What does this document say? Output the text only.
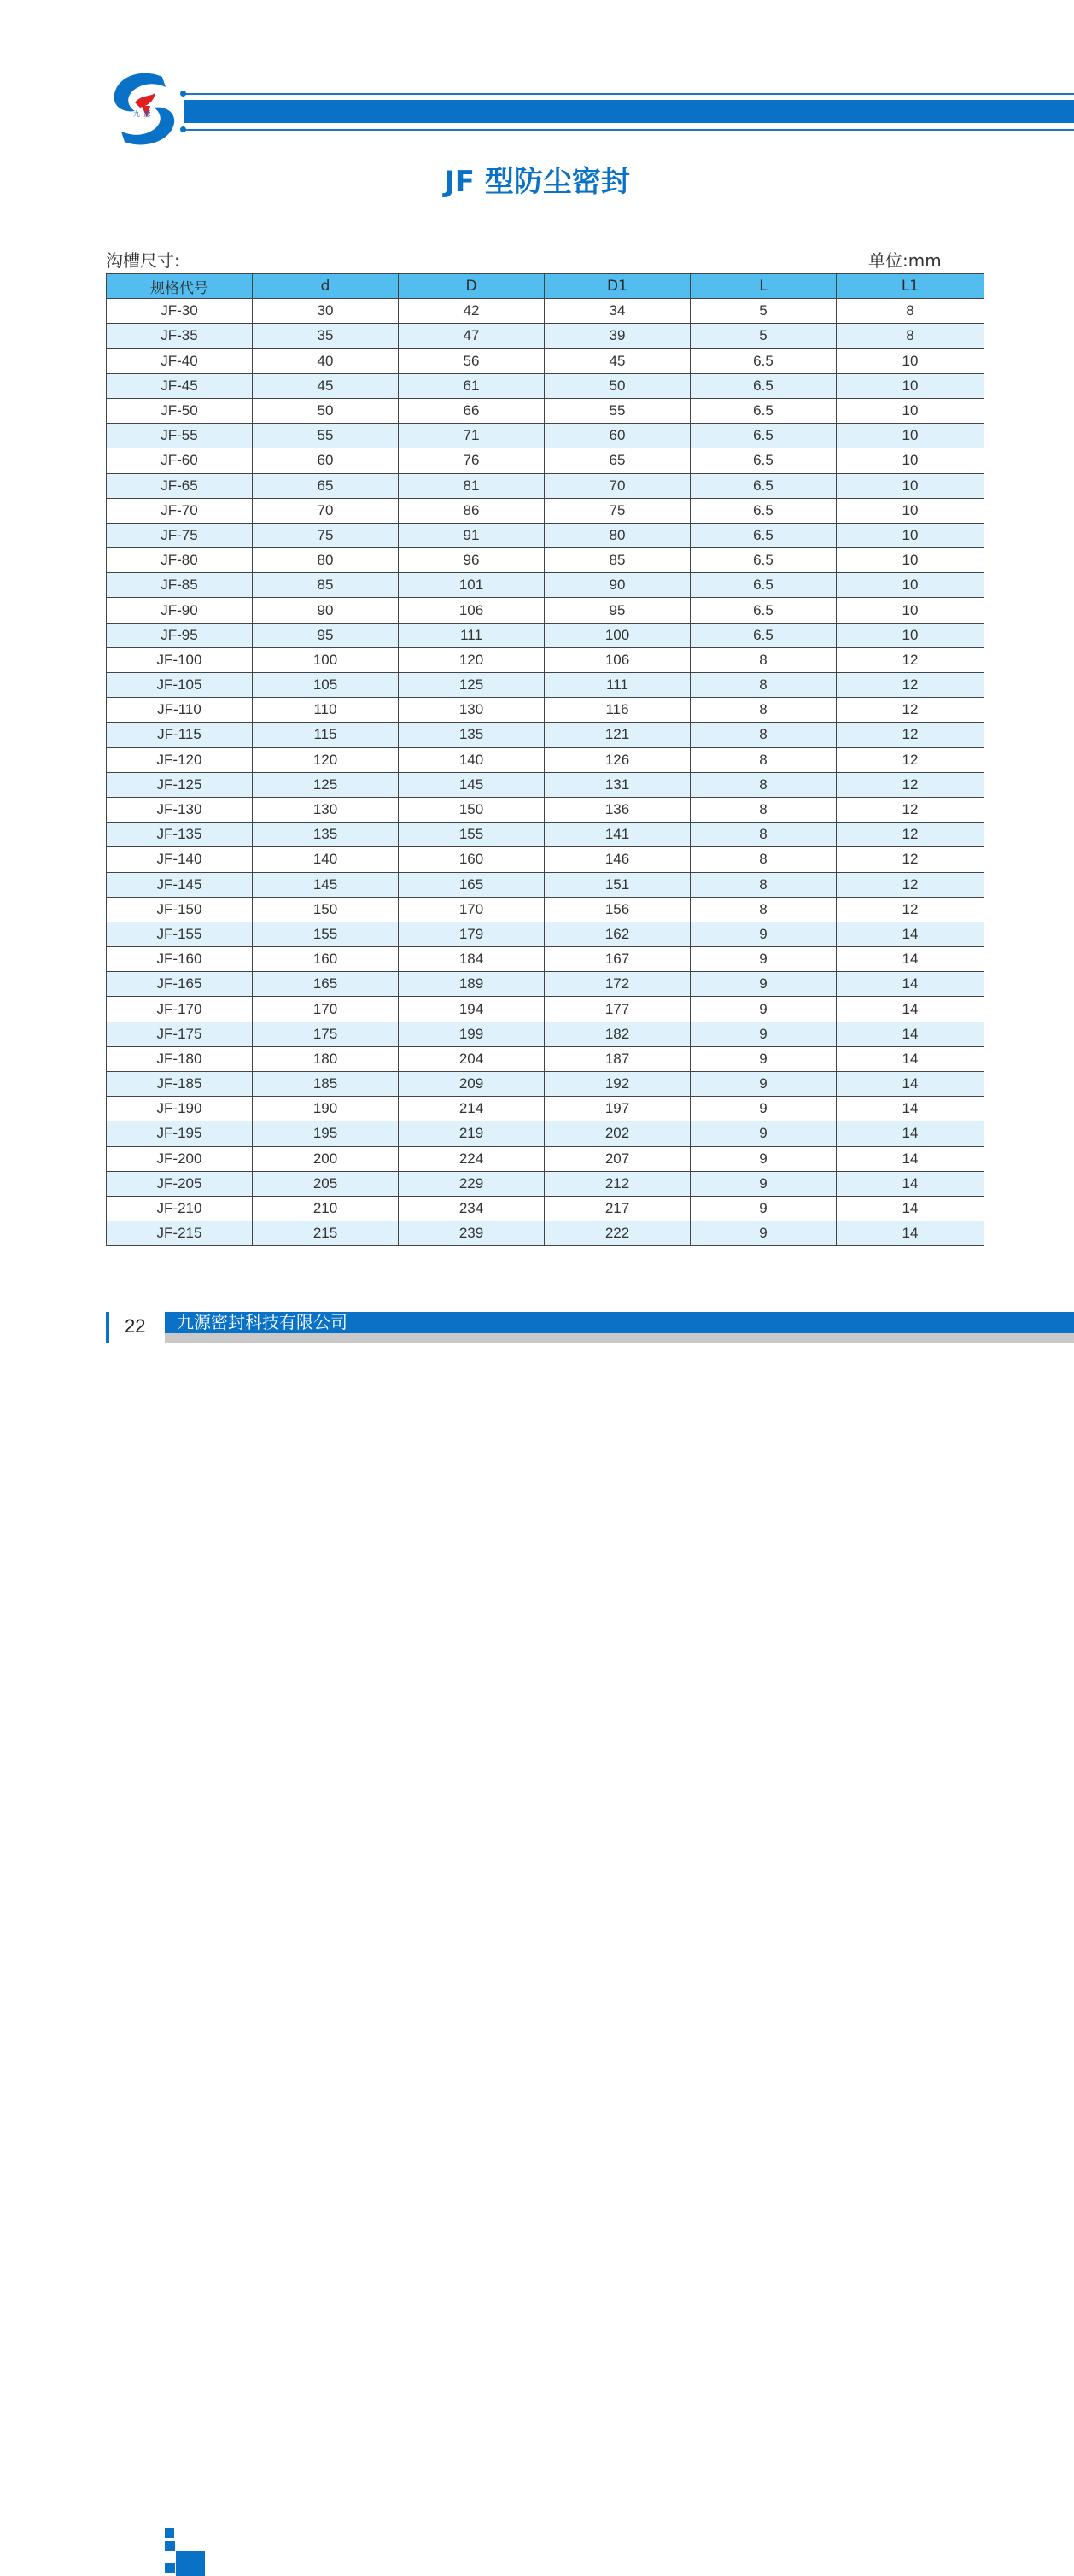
九 源
JF 型防尘密封
沟槽尺寸:	单位:mm
规格代号	d	D	D1	L	L1
JF-30	30	42	34	5	8
JF-35	35	47	39	5	8
JF-40	40	56	45	6.5	10
JF-45	45	61	50	6.5	10
JF-50	50	66	55	6.5	10
JF-55	55	71	60	6.5	10
JF-60	60	76	65	6.5	10
JF-65	65	81	70	6.5	10
JF-70	70	86	75	6.5	10
JF-75	75	91	80	6.5	10
JF-80	80	96	85	6.5	10
JF-85	85	101	90	6.5	10
JF-90	90	106	95	6.5	10
JF-95	95	111	100	6.5	10
JF-100	100	120	106	8	12
JF-105	105	125	111	8	12
JF-110	110	130	116	8	12
JF-115	115	135	121	8	12
JF-120	120	140	126	8	12
JF-125	125	145	131	8	12
JF-130	130	150	136	8	12
JF-135	135	155	141	8	12
JF-140	140	160	146	8	12
JF-145	145	165	151	8	12
JF-150	150	170	156	8	12
JF-155	155	179	162	9	14
JF-160	160	184	167	9	14
JF-165	165	189	172	9	14
JF-170	170	194	177	9	14
JF-175	175	199	182	9	14
JF-180	180	204	187	9	14
JF-185	185	209	192	9	14
JF-190	190	214	197	9	14
JF-195	195	219	202	9	14
JF-200	200	224	207	9	14
JF-205	205	229	212	9	14
JF-210	210	234	217	9	14
JF-215	215	239	222	9	14
九源密封科技有限公司
22
